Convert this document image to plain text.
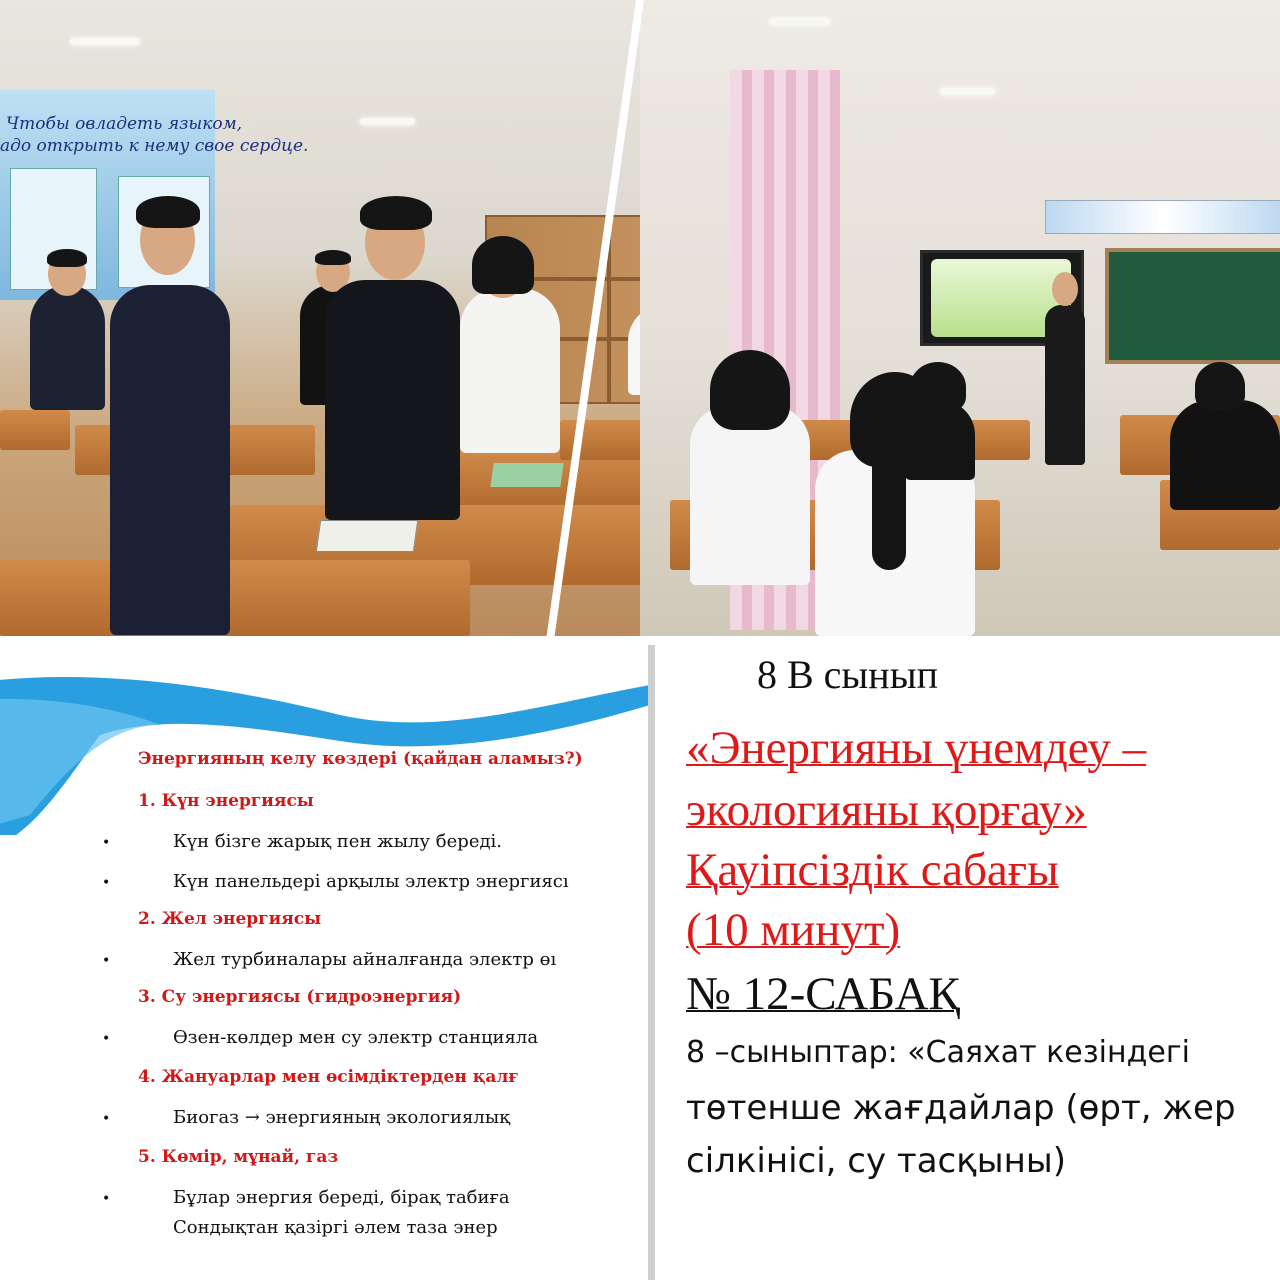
Чтобы овладеть языком,
адо открыть к нему свое сердце.
Энергияның келу көздері (қайдан аламыз?)
1. Күн энергиясы
•	Күн бізге жарық пен жылу береді.
•	Күн панельдері арқылы электр энергиясı
2. Жел энергиясы
•	Жел турбиналары айналғанда электр өı
3. Су энергиясы (гидроэнергия)
•	Өзен-көлдер мен су электр станцияла
4. Жануарлар мен өсімдіктерден қалғ
•	Биогаз → энергияның экологиялық
5. Көмір, мұнай, газ
•	Бұлар энергия береді, бірақ табиға
Сондықтан қазіргі әлем таза энер
8 В сынып
«Энергияны үнемдеу –
экологияны қорғау»
Қауіпсіздік сабағы
(10 минут)
№ 12-САБАҚ
8 –сыныптар: «Саяхат кезіндегі
төтенше жағдайлар (өрт, жер
сілкінісі, су тасқыны)
